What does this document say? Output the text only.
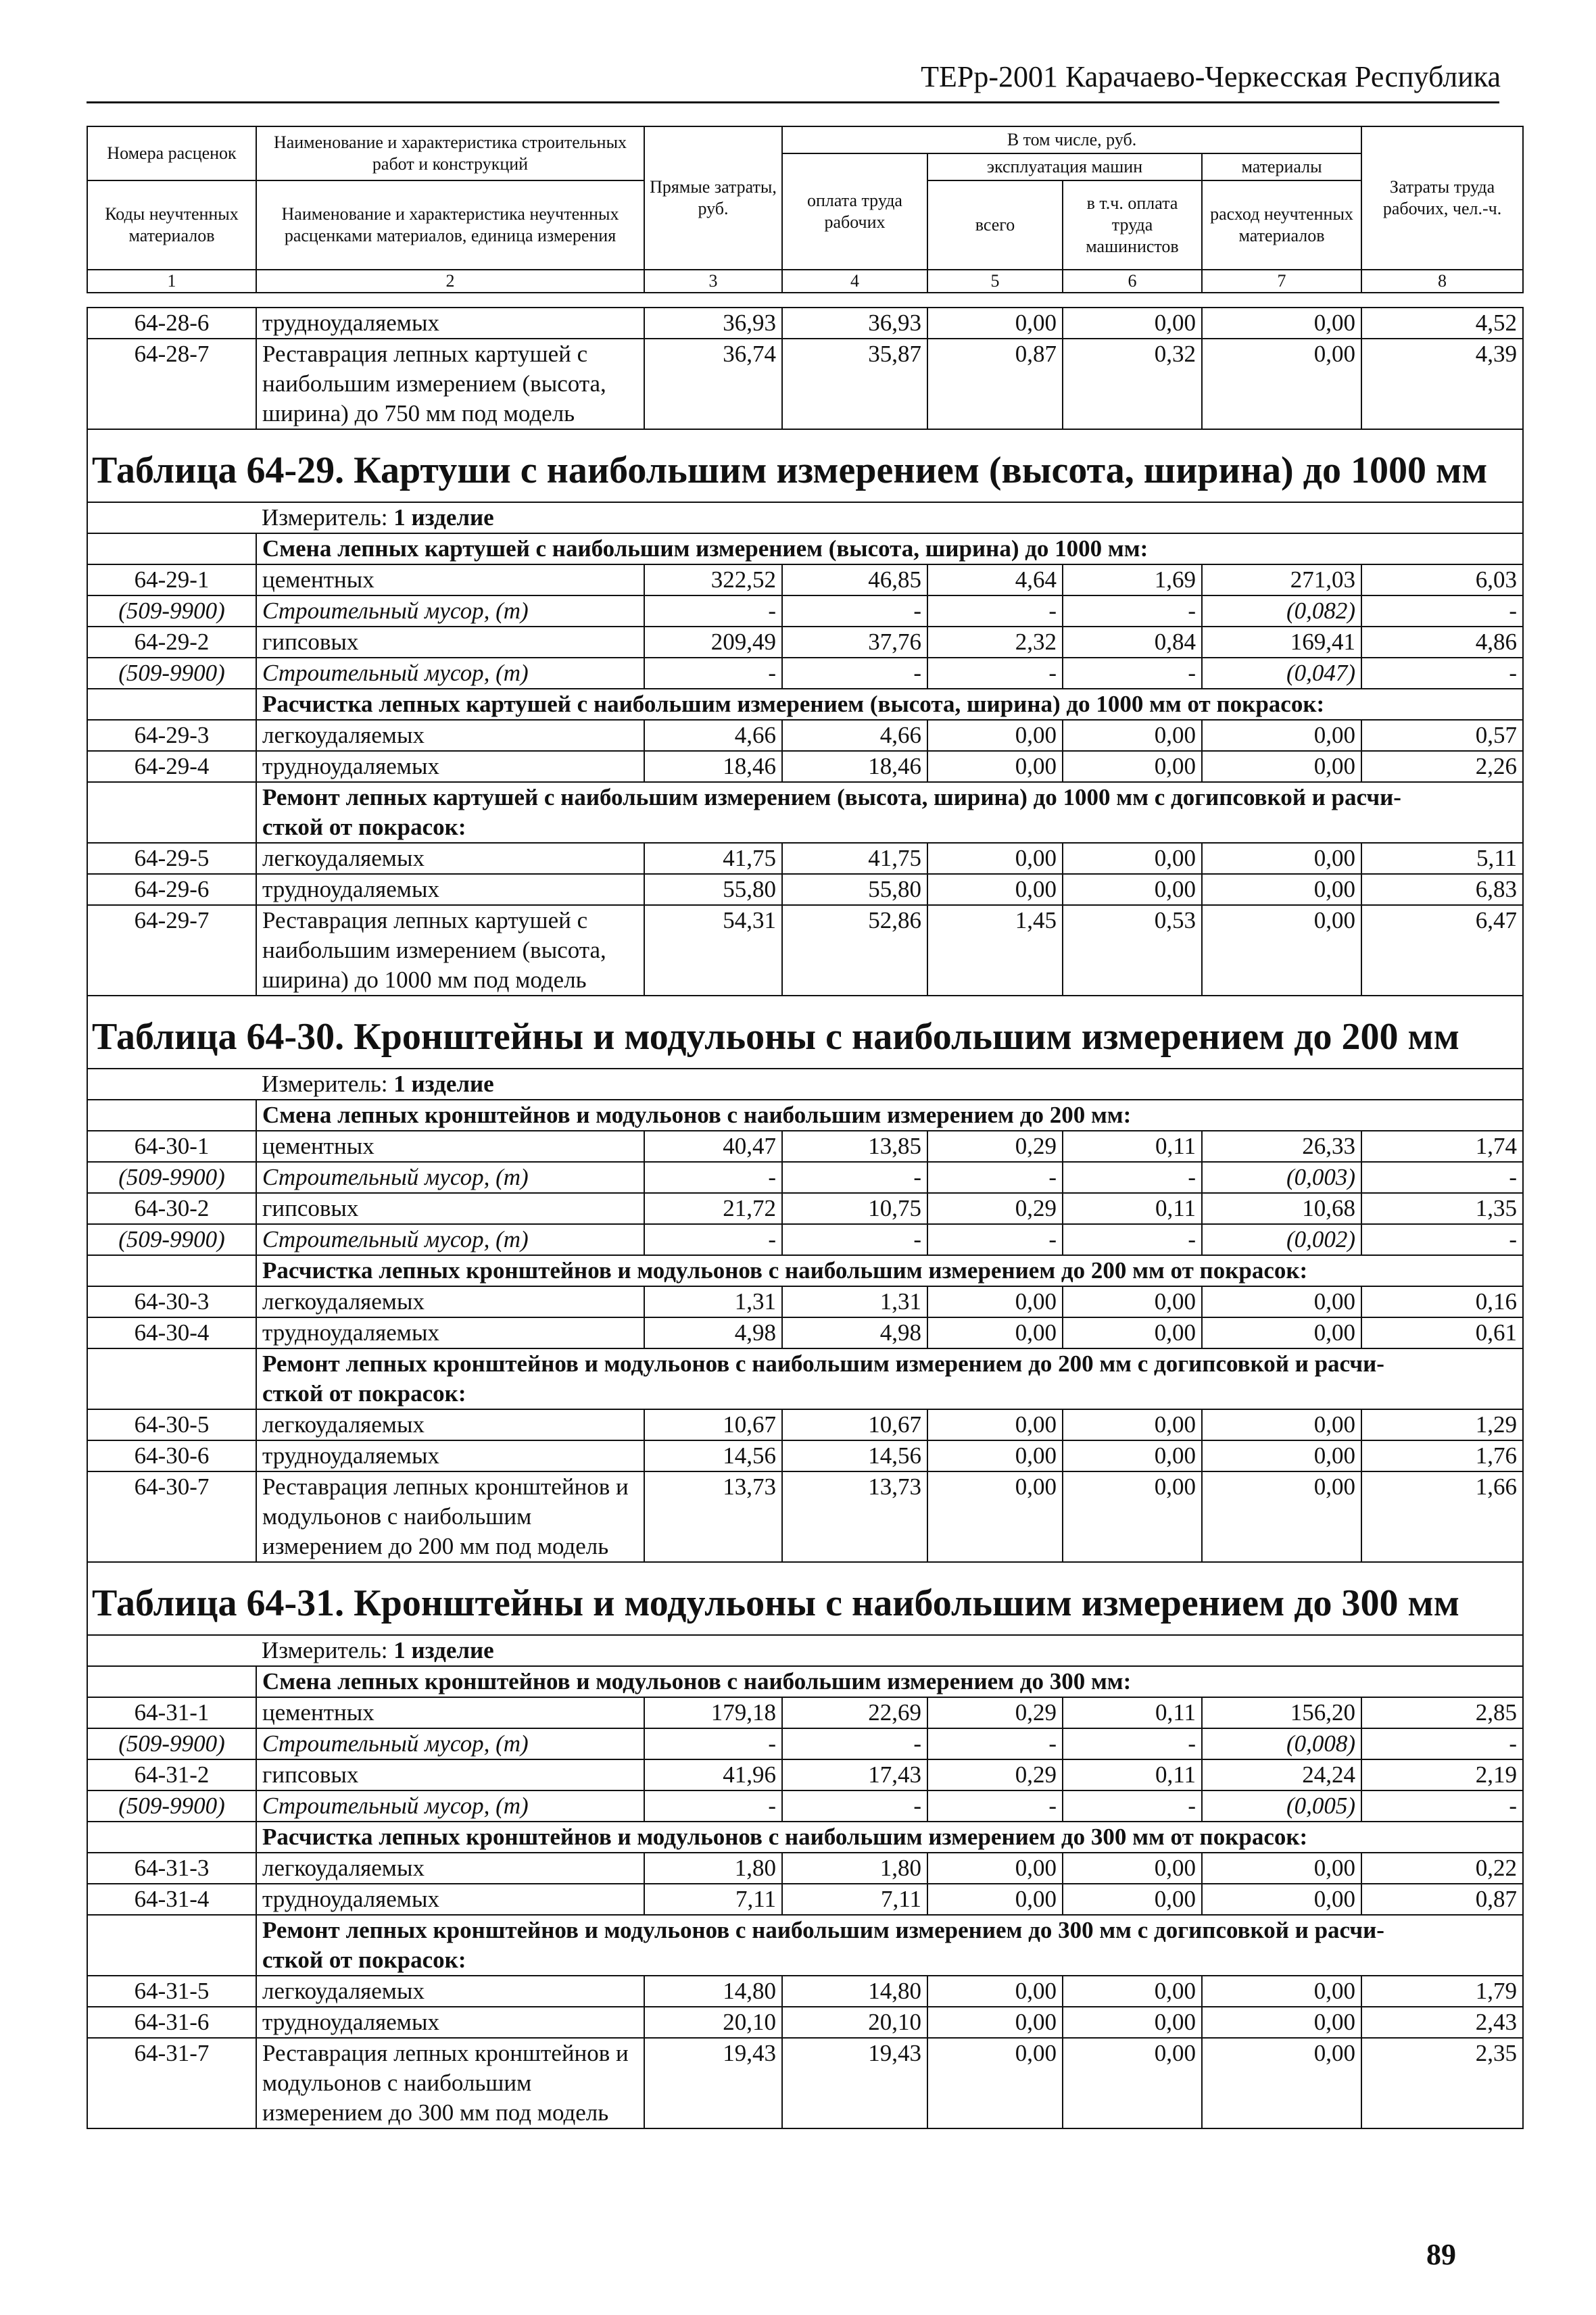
ТЕРр-2001 Карачаево-Черкесская Республика
Номера расценок	Наименование и характеристика строительных работ и конструкций	Прямые затраты, руб.	В том числе, руб.				Затраты труда рабочих, чел.-ч.
			оплата труда рабочих	эксплуатация машин		материалы	
Коды неучтенных материалов	Наименование и характеристика неучтенных расценками материалов, единица измерения			всего	в т.ч. оплата труда машинистов	расход неучтенных материалов	

1	2	3	4	5	6	7	8
64-28-6	трудноудаляемых	36,93	36,93	0,00	0,00	0,00	4,52
64-28-7	Реставрация лепных картушей с наибольшим измерением (высота, ширина) до 750 мм под модель	36,74	35,87	0,87	0,32	0,00	4,39
Таблица 64-29. Картуши с наибольшим измерением (высота, ширина) до 1000 мм							
	Измеритель: 1 изделие						
	Смена лепных картушей с наибольшим измерением (высота, ширина) до 1000 мм:						
64-29-1	цементных	322,52	46,85	4,64	1,69	271,03	6,03
(509-9900)	Строительный мусор, (т)	-	-	-	-	(0,082)	-
64-29-2	гипсовых	209,49	37,76	2,32	0,84	169,41	4,86
(509-9900)	Строительный мусор, (т)	-	-	-	-	(0,047)	-
	Расчистка лепных картушей с наибольшим измерением (высота, ширина) до 1000 мм от покрасок:						
64-29-3	легкоудаляемых	4,66	4,66	0,00	0,00	0,00	0,57
64-29-4	трудноудаляемых	18,46	18,46	0,00	0,00	0,00	2,26
	Ремонт лепных картушей с наибольшим измерением (высота, ширина) до 1000 мм с догипсовкой и расчи-
сткой от покрасок:						
64-29-5	легкоудаляемых	41,75	41,75	0,00	0,00	0,00	5,11
64-29-6	трудноудаляемых	55,80	55,80	0,00	0,00	0,00	6,83
64-29-7	Реставрация лепных картушей с наибольшим измерением (высота, ширина) до 1000 мм под модель	54,31	52,86	1,45	0,53	0,00	6,47
Таблица 64-30. Кронштейны и модульоны с наибольшим измерением до 200 мм							
	Измеритель: 1 изделие						
	Смена лепных кронштейнов и модульонов с наибольшим измерением до 200 мм:						
64-30-1	цементных	40,47	13,85	0,29	0,11	26,33	1,74
(509-9900)	Строительный мусор, (т)	-	-	-	-	(0,003)	-
64-30-2	гипсовых	21,72	10,75	0,29	0,11	10,68	1,35
(509-9900)	Строительный мусор, (т)	-	-	-	-	(0,002)	-
	Расчистка лепных кронштейнов и модульонов с наибольшим измерением до 200 мм от покрасок:						
64-30-3	легкоудаляемых	1,31	1,31	0,00	0,00	0,00	0,16
64-30-4	трудноудаляемых	4,98	4,98	0,00	0,00	0,00	0,61
	Ремонт лепных кронштейнов и модульонов с наибольшим измерением до 200 мм с догипсовкой и расчи-
сткой от покрасок:						
64-30-5	легкоудаляемых	10,67	10,67	0,00	0,00	0,00	1,29
64-30-6	трудноудаляемых	14,56	14,56	0,00	0,00	0,00	1,76
64-30-7	Реставрация лепных кронштейнов и модульонов с наибольшим измерением до 200 мм под модель	13,73	13,73	0,00	0,00	0,00	1,66
Таблица 64-31. Кронштейны и модульоны с наибольшим измерением до 300 мм							
	Измеритель: 1 изделие						
	Смена лепных кронштейнов и модульонов с наибольшим измерением до 300 мм:						
64-31-1	цементных	179,18	22,69	0,29	0,11	156,20	2,85
(509-9900)	Строительный мусор, (т)	-	-	-	-	(0,008)	-
64-31-2	гипсовых	41,96	17,43	0,29	0,11	24,24	2,19
(509-9900)	Строительный мусор, (т)	-	-	-	-	(0,005)	-
	Расчистка лепных кронштейнов и модульонов с наибольшим измерением до 300 мм от покрасок:						
64-31-3	легкоудаляемых	1,80	1,80	0,00	0,00	0,00	0,22
64-31-4	трудноудаляемых	7,11	7,11	0,00	0,00	0,00	0,87
	Ремонт лепных кронштейнов и модульонов с наибольшим измерением до 300 мм с догипсовкой и расчи-
сткой от покрасок:						
64-31-5	легкоудаляемых	14,80	14,80	0,00	0,00	0,00	1,79
64-31-6	трудноудаляемых	20,10	20,10	0,00	0,00	0,00	2,43
64-31-7	Реставрация лепных кронштейнов и модульонов с наибольшим измерением до 300 мм под модель	19,43	19,43	0,00	0,00	0,00	2,35
89
